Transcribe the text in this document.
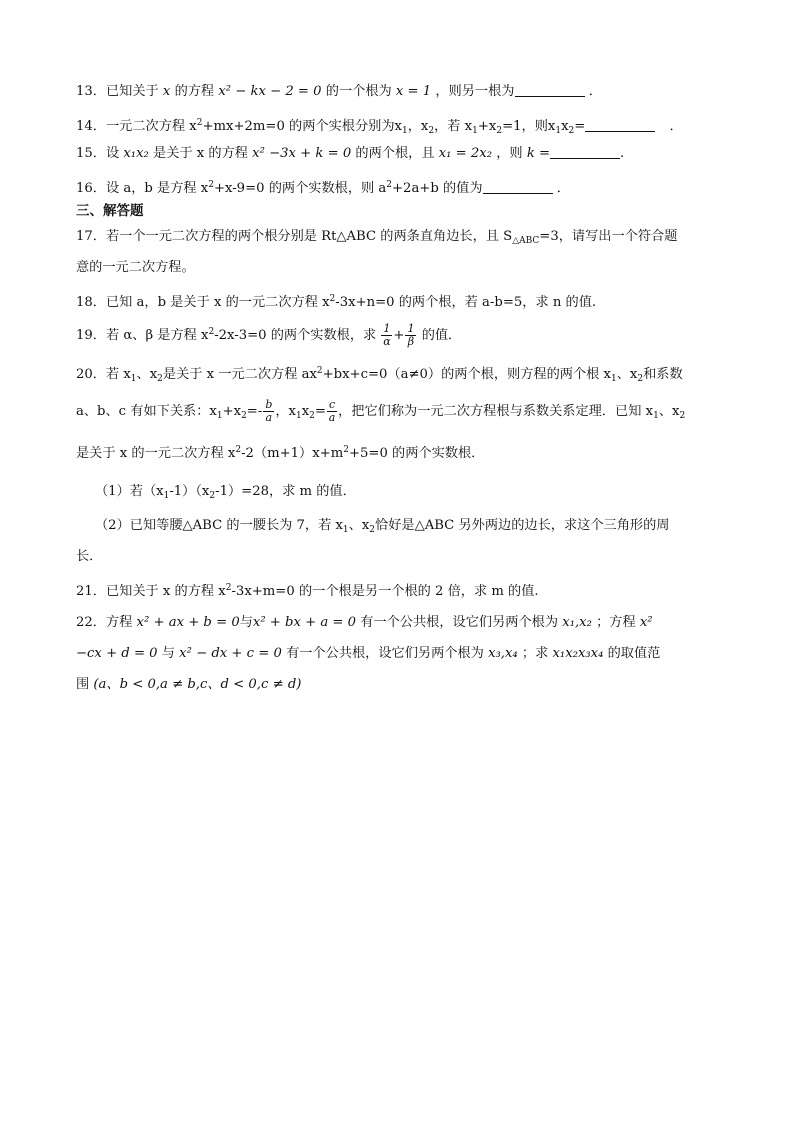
13．已知关于 x 的方程 x² − kx − 2 = 0 的一个根为 x = 1 ，则另一根为	．
14．一元二次方程 $x^2+mx+2m=0$ 的两个实根分别为$x_1$，$x_2$，若 $x_1+x_2=1$，则$x_1x_2=$	．
15．设 x₁x₂ 是关于 x 的方程 x² −3x + k = 0 的两个根，且 x₁ = 2x₂ ，则 k =	.
16．设 a，b 是方程 $x^2+x-9=0$ 的两个实数根，则 $a^2+2a+b$ 的值为	．
三、解答题
17．若一个一元二次方程的两个根分别是 Rt△ABC 的两条直角边长，且 $S_{\triangle ABC}=3$，请写出一个符合题
意的一元二次方程。
18．已知 a，b 是关于 x 的一元二次方程 $x^2-3x+n=0$ 的两个根，若 a-b=5，求 n 的值.
19．若 α、β 是方程 $x^2-2x-3=0$ 的两个实数根，求 $\frac{1}{\alpha} + \frac{1}{\beta}$ 的值．
20．若 $x_1$、$x_2$是关于 x 一元二次方程 $ax^2+bx+c=0(a\ne 0)$的两个根，则方程的两个根 $x_1$、$x_2$和系数
a、b、c 有如下关系：$x_1+x_2=- \frac{b}{a}$ ，$x_1x_2= \frac{c}{a}$ ，把它们称为一元二次方程根与系数关系定理．已知 $x_1$、$x_2$
是关于 x 的一元二次方程 $x^2-2(m+1)x+m^2+5=0$ 的两个实数根．
（1）若$(x_1-1)(x_2-1)=28$，求 m 的值．
（2）已知等腰△ABC 的一腰长为 7，若 $x_1$、$x_2$恰好是△ABC 另外两边的边长，求这个三角形的周
长．
21．已知关于 x 的方程 $x^2-3x+m=0$ 的一个根是另一个根的 2 倍，求 m 的值.
22．方程 x² + ax + b = 0与x² + bx + a = 0 有一个公共根，设它们另两个根为 x₁,x₂ ；方程 x²
−cx + d = 0 与 x² − dx + c = 0 有一个公共根，设它们另两个根为 x₃,x₄ ；求 x₁x₂x₃x₄ 的取值范
围 (a、b < 0,a ≠ b,c、d < 0,c ≠ d)
